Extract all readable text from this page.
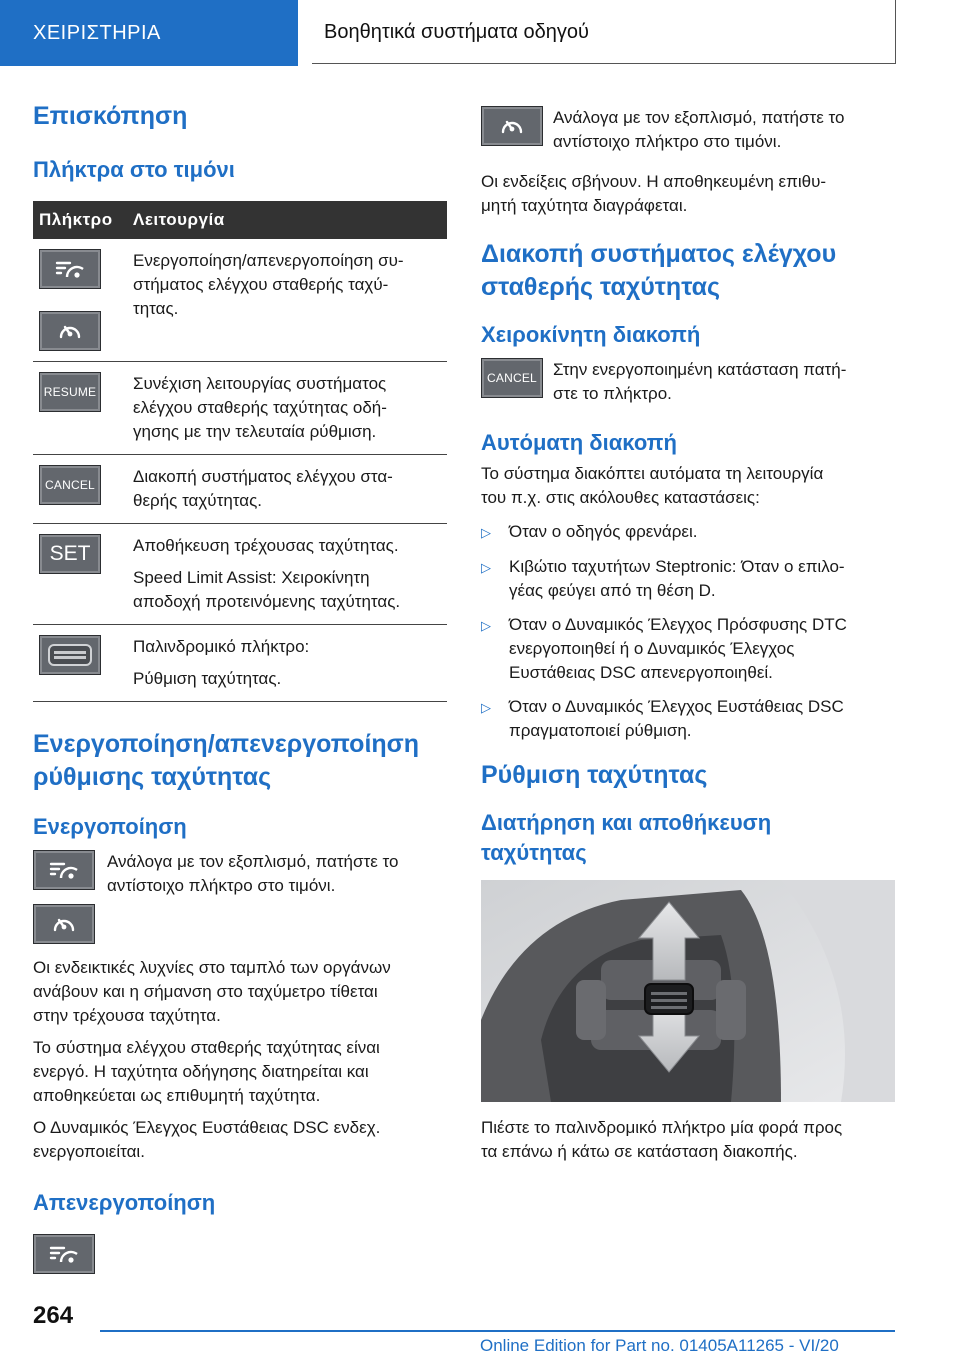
ΧΕΙΡΙΣΤΗΡΙΑ	Βοηθητικά συστήματα οδηγού
Επισκόπηση
Πλήκτρα στο τιμόνι
Πλήκτρο	Λειτουργία

Ενεργοποίηση/απενεργοποίηση συ-

στήματος ελέγχου σταθερής ταχύ-

τητας.

RESUME	Συνέχιση λειτουργίας συστήματος

ελέγχου σταθερής ταχύτητας οδή-

γησης με την τελευταία ρύθμιση.

CANCEL	Διακοπή συστήματος ελέγχου στα-

θερής ταχύτητας.

SET	Αποθήκευση τρέχουσας ταχύτητας.

Speed Limit Assist: Χειροκίνητη

αποδοχή προτεινόμενης ταχύτητας.

Παλινδρομικό πλήκτρο:

Ρύθμιση ταχύτητας.

Ενεργοποίηση/απενεργοποίηση
ρύθμισης ταχύτητας
Ενεργοποίηση

Ανάλογα με τον εξοπλισμό, πατήστε το

αντίστοιχο πλήκτρο στο τιμόνι.

Οι ενδεικτικές λυχνίες στο ταμπλό των οργάνων

ανάβουν και η σήμανση στο ταχύμετρο τίθεται

στην τρέχουσα ταχύτητα.

Το σύστημα ελέγχου σταθερής ταχύτητας είναι

ενεργό. Η ταχύτητα οδήγησης διατηρείται και

αποθηκεύεται ως επιθυμητή ταχύτητα.

Ο Δυναμικός Έλεγχος Ευστάθειας DSC ενδεχ.

ενεργοποιείται.

Απενεργοποίηση

Ανάλογα με τον εξοπλισμό, πατήστε το

αντίστοιχο πλήκτρο στο τιμόνι.

Οι ενδείξεις σβήνουν. Η αποθηκευμένη επιθυ-

μητή ταχύτητα διαγράφεται.

Διακοπή συστήματος ελέγχου
σταθερής ταχύτητας
Χειροκίνητη διακοπή
CANCEL Στην ενεργοποιημένη κατάσταση πατή-

στε το πλήκτρο.

Αυτόματη διακοπή

Το σύστημα διακόπτει αυτόματα τη λειτουργία

του π.χ. στις ακόλουθες καταστάσεις:

▷	Όταν ο οδηγός φρενάρει.
▷	Κιβώτιο ταχυτήτων Steptronic: Όταν ο επιλο-
γέας φεύγει από τη θέση D.
▷	Όταν ο Δυναμικός Έλεγχος Πρόσφυσης DTC
ενεργοποιηθεί ή ο Δυναμικός Έλεγχος
Ευστάθειας DSC απενεργοποιηθεί.
▷	Όταν ο Δυναμικός Έλεγχος Ευστάθειας DSC
πραγματοποιεί ρύθμιση.
Ρύθμιση ταχύτητας
Διατήρηση και αποθήκευση
ταχύτητας

Πιέστε το παλινδρομικό πλήκτρο μία φορά προς

τα επάνω ή κάτω σε κατάσταση διακοπής.

264
Online Edition for Part no. 01405A11265 - VI/20
